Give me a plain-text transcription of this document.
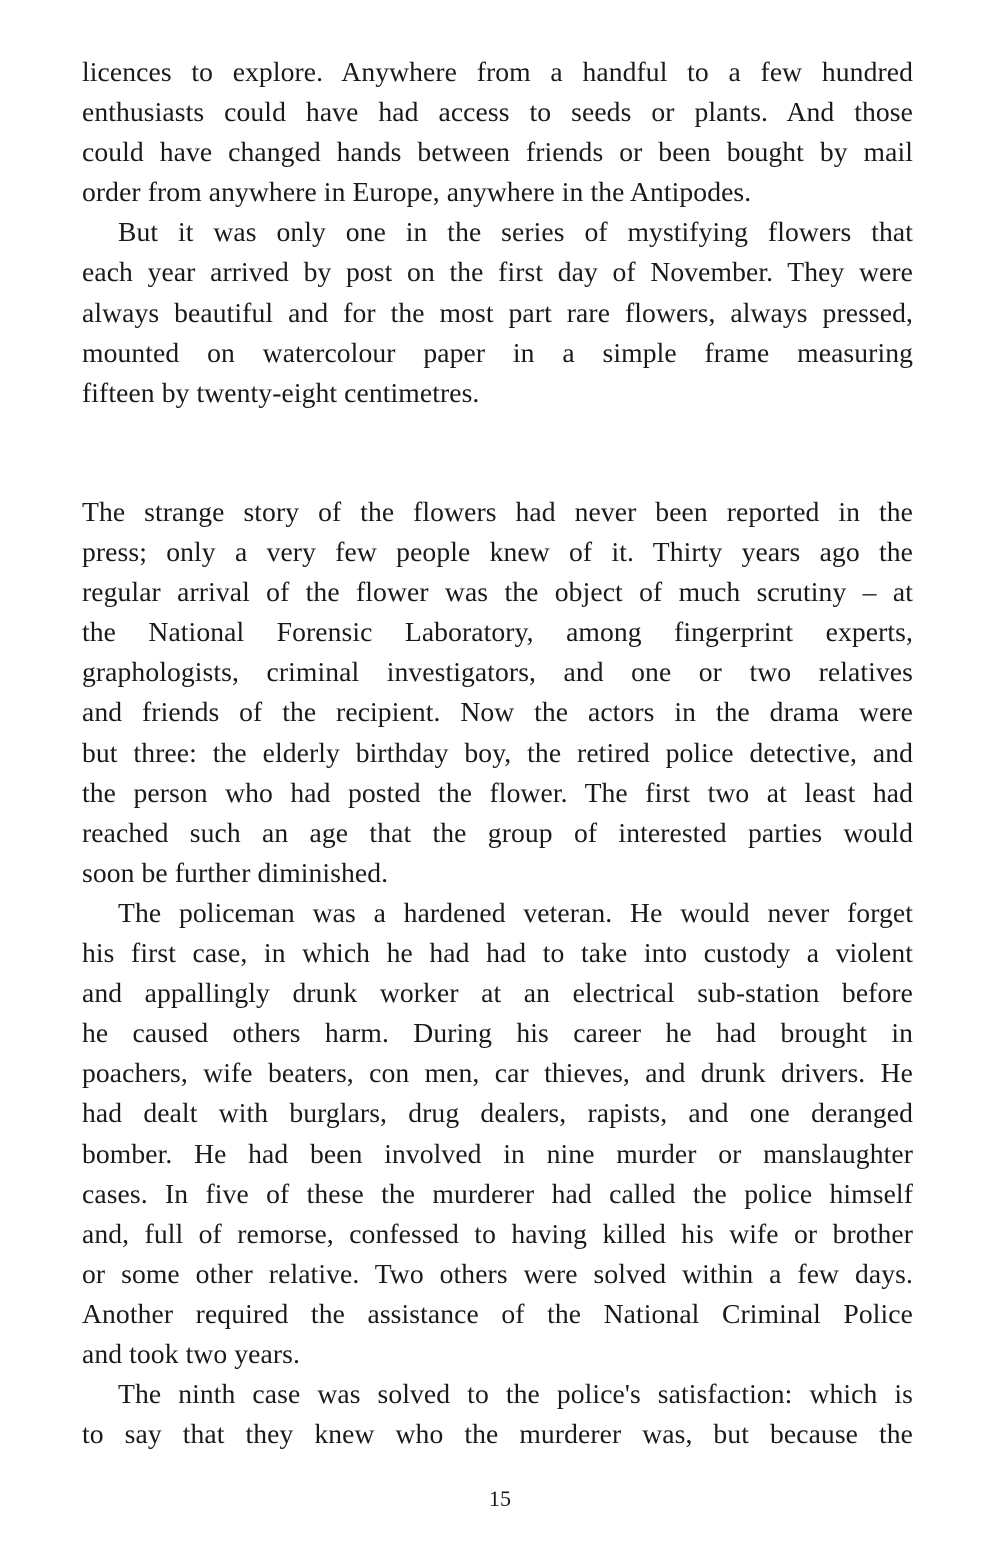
licences to explore. Anywhere from a handful to a few hundred
enthusiasts could have had access to seeds or plants. And those
could have changed hands between friends or been bought by mail
order from anywhere in Europe, anywhere in the Antipodes.
But it was only one in the series of mystifying flowers that
each year arrived by post on the first day of November. They were
always beautiful and for the most part rare flowers, always pressed,
mounted on watercolour paper in a simple frame measuring
fifteen by twenty-eight centimetres.
The strange story of the flowers had never been reported in the
press; only a very few people knew of it. Thirty years ago the
regular arrival of the flower was the object of much scrutiny – at
the National Forensic Laboratory, among fingerprint experts,
graphologists, criminal investigators, and one or two relatives
and friends of the recipient. Now the actors in the drama were
but three: the elderly birthday boy, the retired police detective, and
the person who had posted the flower. The first two at least had
reached such an age that the group of interested parties would
soon be further diminished.
The policeman was a hardened veteran. He would never forget
his first case, in which he had had to take into custody a violent
and appallingly drunk worker at an electrical sub-station before
he caused others harm. During his career he had brought in
poachers, wife beaters, con men, car thieves, and drunk drivers. He
had dealt with burglars, drug dealers, rapists, and one deranged
bomber. He had been involved in nine murder or manslaughter
cases. In five of these the murderer had called the police himself
and, full of remorse, confessed to having killed his wife or brother
or some other relative. Two others were solved within a few days.
Another required the assistance of the National Criminal Police
and took two years.
The ninth case was solved to the police's satisfaction: which is
to say that they knew who the murderer was, but because the
15
